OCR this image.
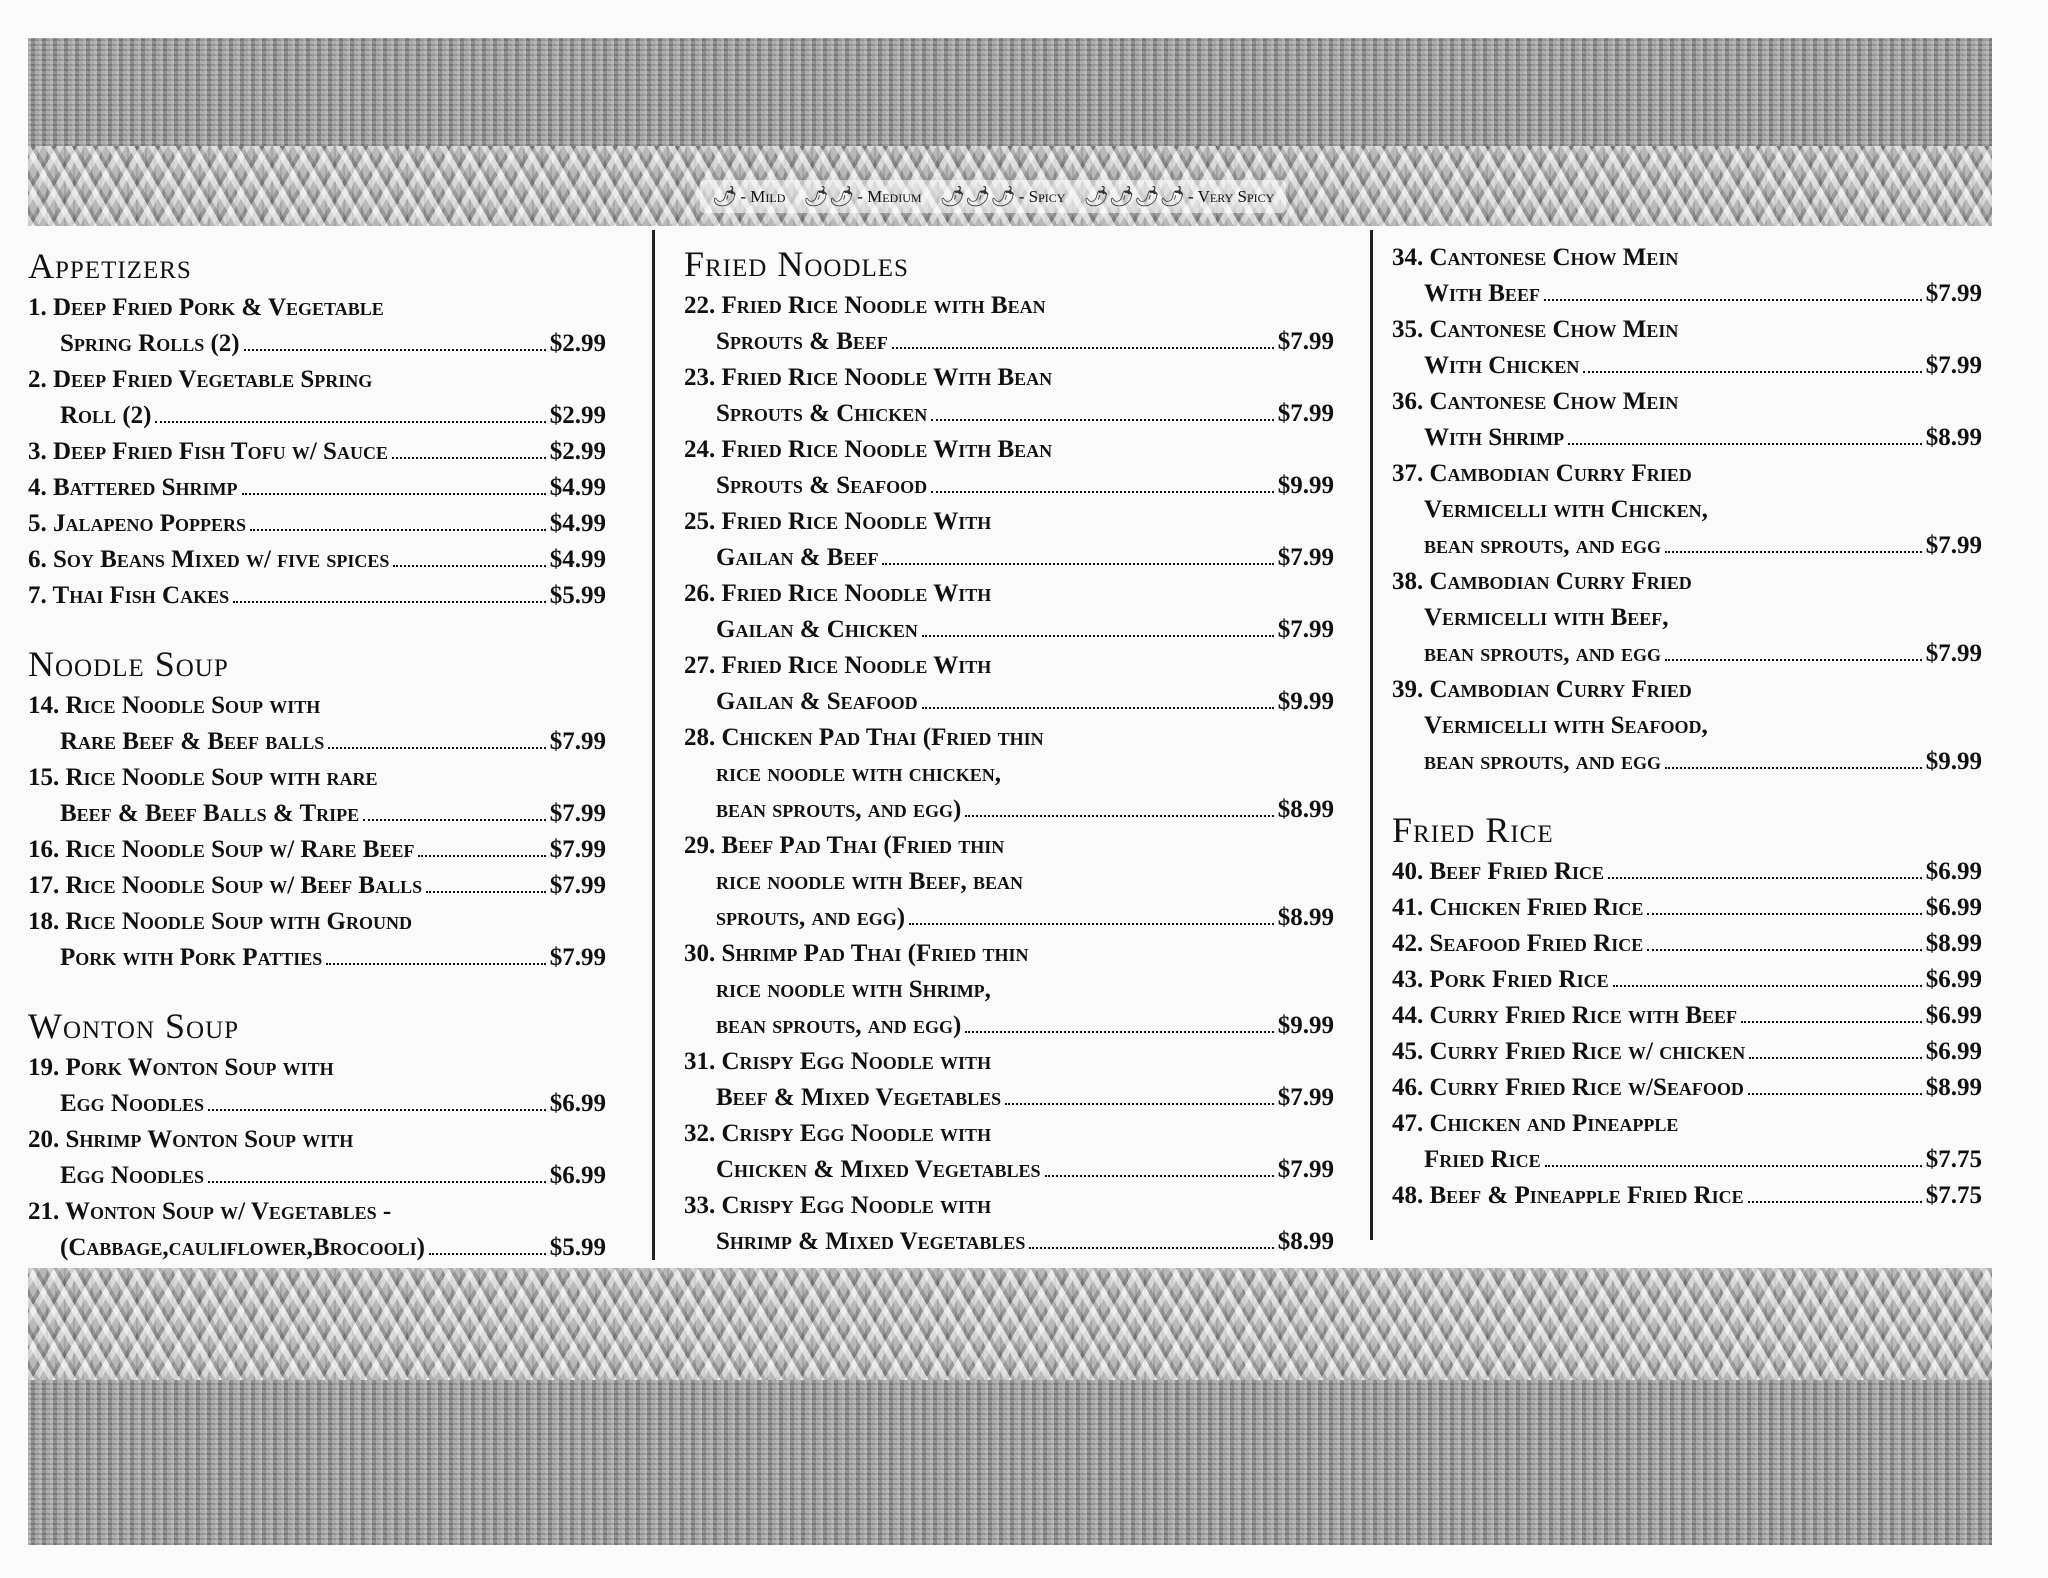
🌶 - Mild 🌶🌶 - Medium 🌶🌶🌶 - Spicy 🌶🌶🌶🌶 - Very Spicy
Appetizers
1. Deep Fried Pork & Vegetable
Spring Rolls (2)	$2.99
2. Deep Fried Vegetable Spring
Roll (2)	$2.99
3. Deep Fried Fish Tofu w/ Sauce	$2.99
4. Battered Shrimp	$4.99
5. Jalapeno Poppers	$4.99
6. Soy Beans Mixed w/ five spices	$4.99
7. Thai Fish Cakes	$5.99
Noodle Soup
14. Rice Noodle Soup with
Rare Beef & Beef balls	$7.99
15. Rice Noodle Soup with rare
Beef & Beef Balls & Tripe	$7.99
16. Rice Noodle Soup w/ Rare Beef	$7.99
17. Rice Noodle Soup w/ Beef Balls	$7.99
18. Rice Noodle Soup with Ground
Pork with Pork Patties	$7.99
Wonton Soup
19. Pork Wonton Soup with
Egg Noodles	$6.99
20. Shrimp Wonton Soup with
Egg Noodles	$6.99
21. Wonton Soup w/ Vegetables -
(Cabbage,cauliflower,Brocooli)	$5.99
Fried Noodles
22. Fried Rice Noodle with Bean
Sprouts & Beef	$7.99
23. Fried Rice Noodle With Bean
Sprouts & Chicken	$7.99
24. Fried Rice Noodle With Bean
Sprouts & Seafood	$9.99
25. Fried Rice Noodle With
Gailan & Beef	$7.99
26. Fried Rice Noodle With
Gailan & Chicken	$7.99
27. Fried Rice Noodle With
Gailan & Seafood	$9.99
28. Chicken Pad Thai (Fried thin
rice noodle with chicken,
bean sprouts, and egg)	$8.99
29. Beef Pad Thai (Fried thin
rice noodle with Beef, bean
sprouts, and egg)	$8.99
30. Shrimp Pad Thai (Fried thin
rice noodle with Shrimp,
bean sprouts, and egg)	$9.99
31. Crispy Egg Noodle with
Beef & Mixed Vegetables	$7.99
32. Crispy Egg Noodle with
Chicken & Mixed Vegetables	$7.99
33. Crispy Egg Noodle with
Shrimp & Mixed Vegetables	$8.99
34. Cantonese Chow Mein
With Beef	$7.99
35. Cantonese Chow Mein
With Chicken	$7.99
36. Cantonese Chow Mein
With Shrimp	$8.99
37. Cambodian Curry Fried
Vermicelli with Chicken,
bean sprouts, and egg	$7.99
38. Cambodian Curry Fried
Vermicelli with Beef,
bean sprouts, and egg	$7.99
39. Cambodian Curry Fried
Vermicelli with Seafood,
bean sprouts, and egg	$9.99
Fried Rice
40. Beef Fried Rice	$6.99
41. Chicken Fried Rice	$6.99
42. Seafood Fried Rice	$8.99
43. Pork Fried Rice	$6.99
44. Curry Fried Rice with Beef	$6.99
45. Curry Fried Rice w/ chicken	$6.99
46. Curry Fried Rice w/Seafood	$8.99
47. Chicken and Pineapple
Fried Rice	$7.75
48. Beef & Pineapple Fried Rice	$7.75
